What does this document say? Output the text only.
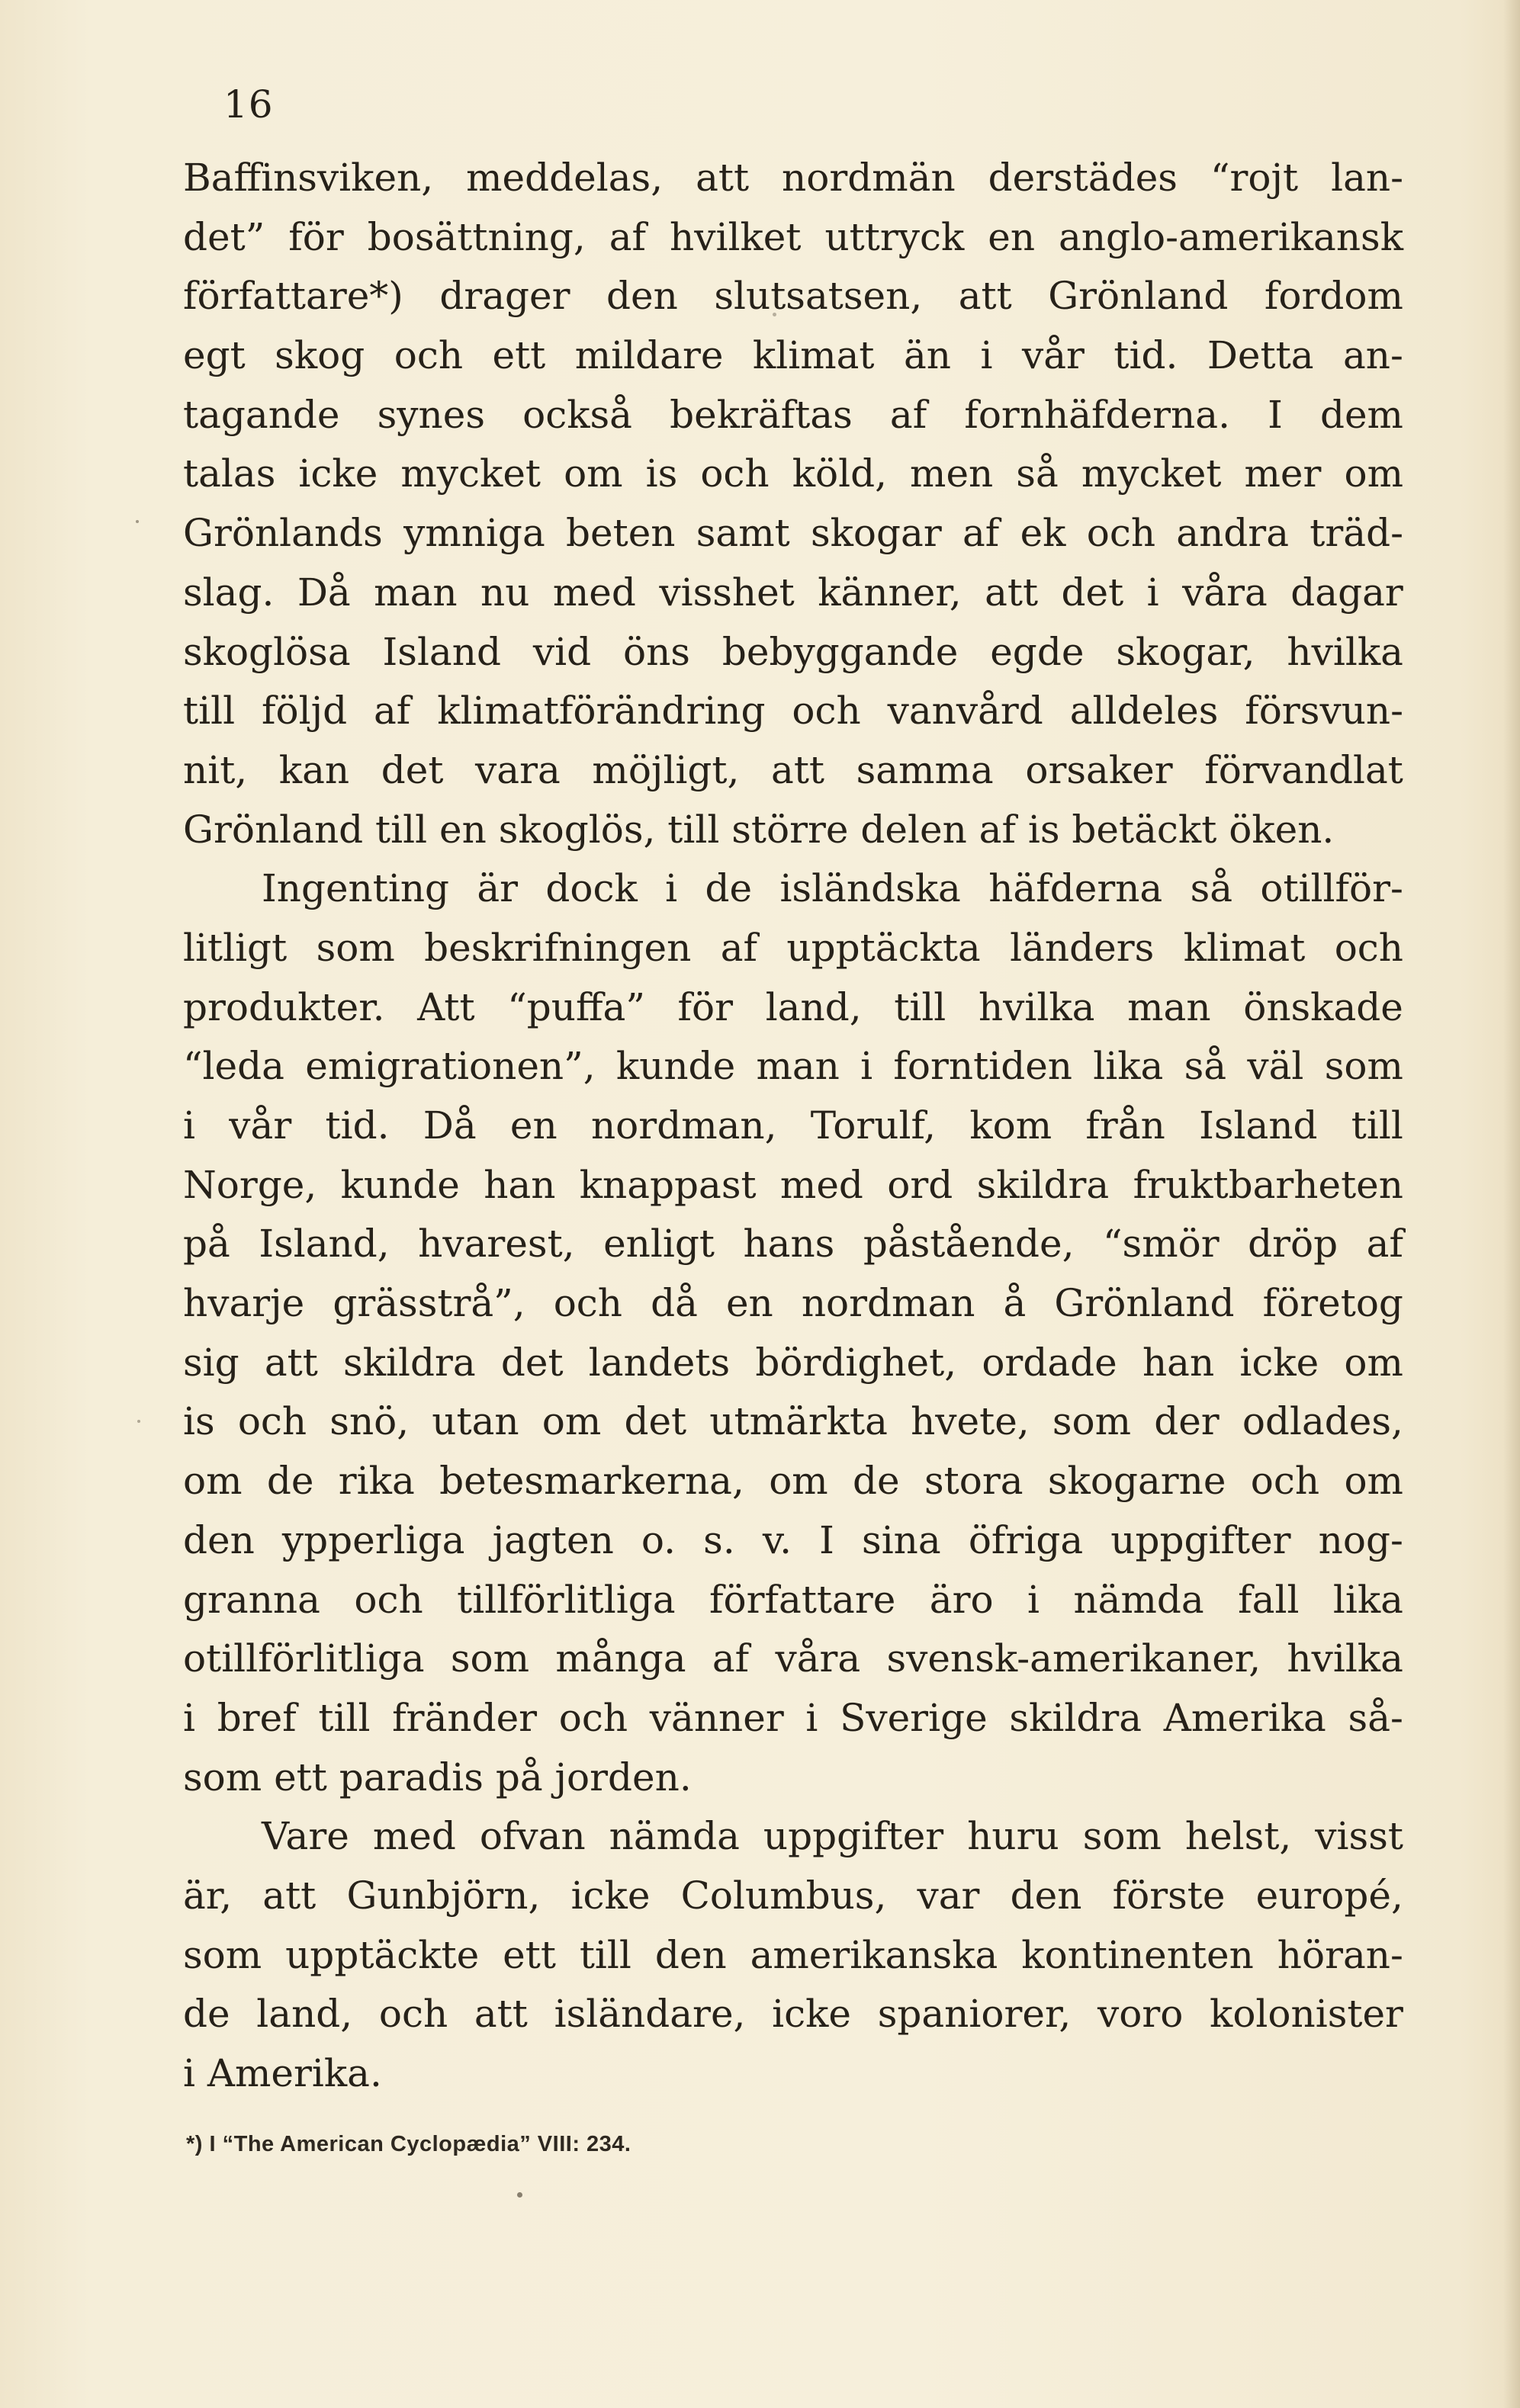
16
Baffinsviken, meddelas, att nordmän derstädes “rojt lan-
det” för bosättning, af hvilket uttryck en anglo-amerikansk
författare*) drager den slutsatsen, att Grönland fordom
egt skog och ett mildare klimat än i vår tid. Detta an-
tagande synes också bekräftas af fornhäfderna. I dem
talas icke mycket om is och köld, men så mycket mer om
Grönlands ymniga beten samt skogar af ek och andra träd-
slag. Då man nu med visshet känner, att det i våra dagar
skoglösa Island vid öns bebyggande egde skogar, hvilka
till följd af klimatförändring och vanvård alldeles försvun-
nit, kan det vara möjligt, att samma orsaker förvandlat
Grönland till en skoglös, till större delen af is betäckt öken.
Ingenting är dock i de isländska häfderna så otillför-
litligt som beskrifningen af upptäckta länders klimat och
produkter. Att “puffa” för land, till hvilka man önskade
“leda emigrationen”, kunde man i forntiden lika så väl som
i vår tid. Då en nordman, Torulf, kom från Island till
Norge, kunde han knappast med ord skildra fruktbarheten
på Island, hvarest, enligt hans påstående, “smör dröp af
hvarje grässtrå”, och då en nordman å Grönland företog
sig att skildra det landets bördighet, ordade han icke om
is och snö, utan om det utmärkta hvete, som der odlades,
om de rika betesmarkerna, om de stora skogarne och om
den ypperliga jagten o. s. v. I sina öfriga uppgifter nog-
granna och tillförlitliga författare äro i nämda fall lika
otillförlitliga som många af våra svensk-amerikaner, hvilka
i bref till fränder och vänner i Sverige skildra Amerika så-
som ett paradis på jorden.
Vare med ofvan nämda uppgifter huru som helst, visst
är, att Gunbjörn, icke Columbus, var den förste europé,
som upptäckte ett till den amerikanska kontinenten höran-
de land, och att isländare, icke spaniorer, voro kolonister
i Amerika.
*) I “The American Cyclopædia” VIII: 234.
